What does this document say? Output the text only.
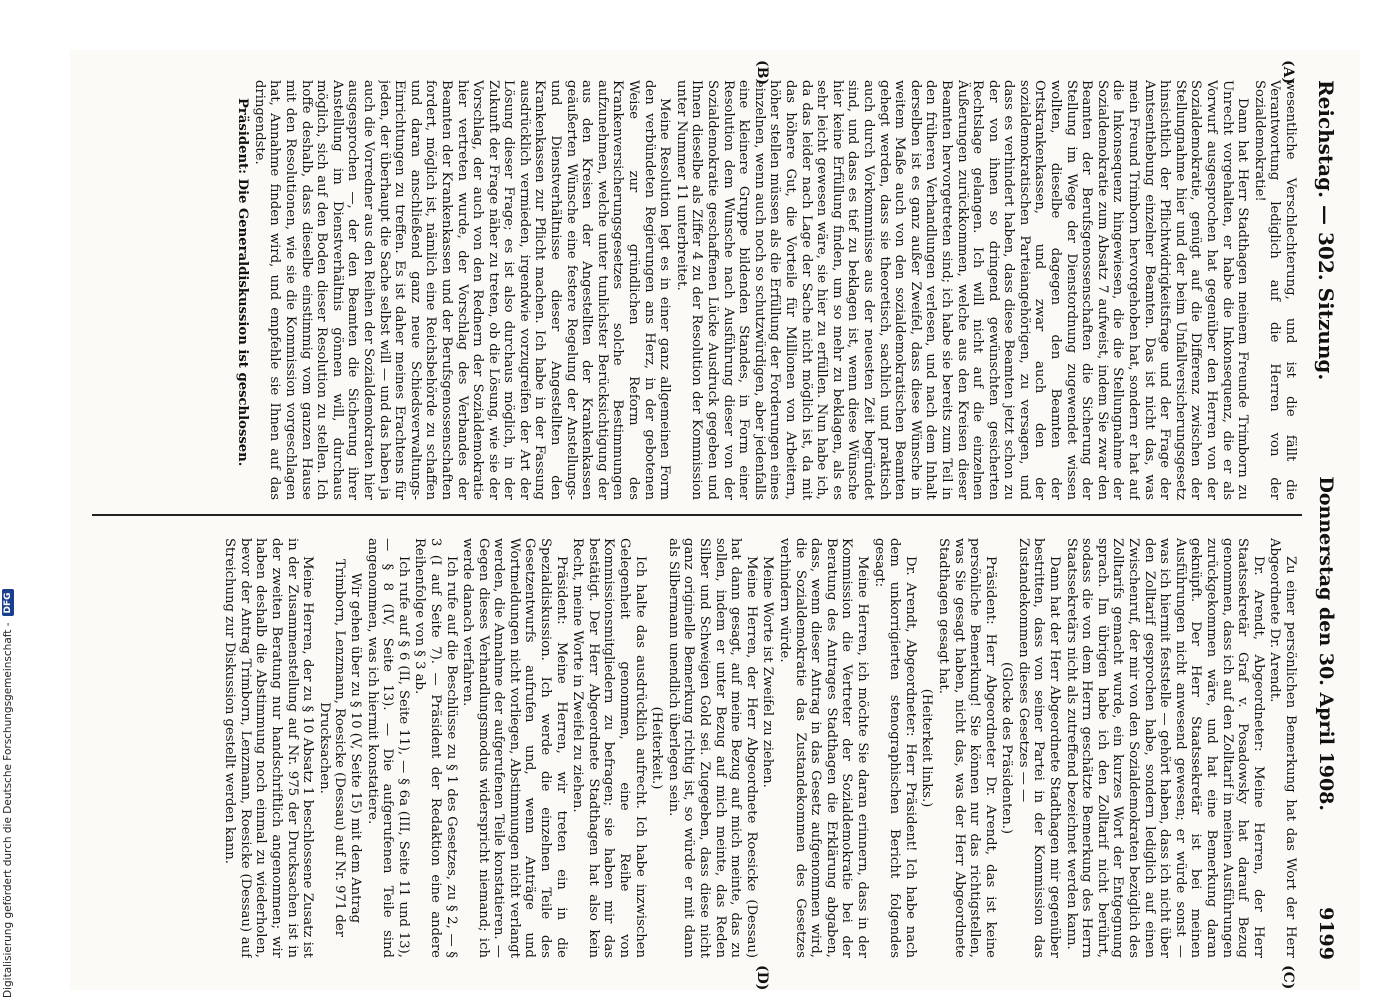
Reichstag. — 302. Sitzung.
Donnerstag den 30. April 1908.
9199
(A)
(B)
(C)
(D)

wesentliche Verschlechterung, und ist die fällt die Verantwortung lediglich auf die Herren von der Sozialdemokratie!

Dann hat Herr Stadthagen meinem Freunde Trimborn zu Unrecht vorgehalten, er habe die Inkonsequenz, die er als Vorwurf ausgesprochen hat gegenüber den Herren von der Sozialdemokratie, genügt auf die Differenz zwischen der Stellungnahme hier und der beim Unfallversicherungsgesetz hinsichtlich der Pflichtwidrigkeitsfrage und der Frage der Amtsenthebung einzelner Beamten. Das ist nicht das, was mein Freund Trimborn hervorgehoben hat, sondern er hat auf die Inkonsequenz hingewiesen, die die Stellungnahme der Sozialdemokratie zum Absatz 7 aufweist, indem Sie zwar den Beamten der Berufsgenossenschaften die Sicherung der Stellung im Wege der Dienstordnung zugewendet wissen wollten, dieselbe dagegen den Beamten der Ortskrankenkassen, und zwar auch den der sozialdemokratischen Parteiangehörigen, zu versagen, und dass es verhindert haben, dass diese Beamten jetzt schon zu der von ihnen so dringend gewünschten gesicherten Rechtslage gelangen. Ich will nicht auf die einzelnen Äußerungen zurückkommen, welche aus den Kreisen dieser Beamten hervorgetreten sind; ich habe sie bereits zum Teil in den früheren Verhandlungen verlesen, und nach dem Inhalt derselben ist es ganz außer Zweifel, dass diese Wünsche in weitem Maße auch von den sozialdemokratischen Beamten gehegt werden, dass sie theoretisch, sachlich und praktisch auch durch Vorkommnisse aus der neuesten Zeit begründet sind, und dass es tief zu beklagen ist, wenn diese Wünsche hier keine Erfüllung finden, um so mehr zu beklagen, als es sehr leicht gewesen wäre, sie hier zu erfüllen. Nun habe ich, da das leider nach Lage der Sache nicht möglich ist, da mit das höhere Gut, die Vorteile für Millionen von Arbeitern, höher stellen müssen als die Erfüllung der Forderungen eines einzelnen, wenn auch noch so schutzwürdigen, aber jedenfalls eine kleinere Gruppe bildenden Standes, in Form einer Resolution dem Wunsche nach Ausführung dieser von der Sozialdemokratie geschaffenen Lücke Ausdruck gegeben und Ihnen dieselbe als Ziffer 4 zu der Resolution der Kommission unter Nummer 11 unterbreitet.

Meine Resolution legt es in einer ganz allgemeinen Form den verbündeten Regierungen ans Herz, in der gebotenen Weise zur gründlichen Reform des Krankenversicherungsgesetzes solche Bestimmungen aufzunehmen, welche unter tunlichster Berücksichtigung der aus den Kreisen der Angestellten der Krankenkassen geäußerten Wünsche eine festere Regelung der Anstellungs- und Dienstverhältnisse dieser Angestellten den Krankenkassen zur Pflicht machen. Ich habe in der Fassung ausdrücklich vermieden, irgendwie vorzugreifen der Art der Lösung dieser Frage; es ist also durchaus möglich, in der Zukunft der Frage näher zu treten, ob die Lösung, wie sie der Vorschlag, der auch von den Rednern der Sozialdemokratie hier vertreten wurde, der Vorschlag des Verbandes der Beamten der Krankenkassen und der Berufsgenossenschaften fordert, möglich ist, nämlich eine Reichsbehörde zu schaffen und daran anschließend ganz neue Schiedsverwaltungs-Einrichtungen zu treffen. Es ist daher meines Erachtens für jeden, der überhaupt die Sache selbst will — und das haben ja auch die Vorredner aus den Reihen der Sozialdemokraten hier ausgesprochen —, der den Beamten die Sicherung ihrer Anstellung im Dienstverhältnis gönnen will, durchaus möglich, sich auf den Boden dieser Resolution zu stellen. Ich hoffe deshalb, dass dieselbe einstimmig vom ganzen Hause mit den Resolutionen, wie sie die Kommission vorgeschlagen hat, Annahme finden wird, und empfehle sie Ihnen auf das dringendste.

Präsident: Die Generaldiskussion ist geschlossen.

Zu einer persönlichen Bemerkung hat das Wort der Herr Abgeordnete Dr. Arendt.

Dr. Arendt, Abgeordneter: Meine Herren, der Herr Staatssekretär Graf v. Posadowsky hat darauf Bezug genommen, dass ich auf den Zolltarif in meinen Ausführungen zurückgekommen wäre, und hat eine Bemerkung daran geknüpft. Der Herr Staatssekretär ist bei meinen Ausführungen nicht anwesend gewesen; er würde sonst — was ich hiermit feststelle — gehört haben, dass ich nicht über den Zolltarif gesprochen habe, sondern lediglich auf einen Zwischenruf, der mir von den Sozialdemokraten bezüglich des Zolltarifs gemacht wurde, ein kurzes Wort der Entgegnung sprach. Im übrigen habe ich den Zolltarif nicht berührt, sodass die von dem Herrn geschätzte Bemerkung des Herrn Staatssekretärs nicht als zutreffend bezeichnet werden kann.

Dann hat der Herr Abgeordnete Stadthagen mir gegenüber bestritten, dass von seiner Partei in der Kommission das Zustandekommen dieses Gesetzes — —

(Glocke des Präsidenten.)

Präsident: Herr Abgeordneter Dr. Arendt, das ist keine persönliche Bemerkung! Sie können nur das richtigstellen, was Sie gesagt haben, nicht das, was der Herr Abgeordnete Stadthagen gesagt hat.

(Heiterkeit links.)

Dr. Arendt, Abgeordneter: Herr Präsident! Ich habe nach dem unkorrigierten stenographischen Bericht folgendes gesagt:

Meine Herren, ich möchte Sie daran erinnern, dass in der Kommission die Vertreter der Sozialdemokratie bei der Beratung des Antrages Stadthagen die Erklärung abgaben, dass, wenn dieser Antrag in das Gesetz aufgenommen wird, die Sozialdemokratie das Zustandekommen des Gesetzes verhindern würde.

Meine Worte ist Zweifel zu ziehen.

Meine Herren, der Herr Abgeordnete Roesicke (Dessau) hat dann gesagt, auf meine Bezug auf mich meinte, das zu sollen, indem er unter Bezug auf mich meinte, das Reden Silber und Schweigen Gold sei. Zugegeben, dass diese nicht ganz originelle Bemerkung richtig ist, so würde er mit dann als Silbermann unendlich überlegen sein.

(Heiterkeit.)

Ich halte das ausdrücklich aufrecht. Ich habe inzwischen Gelegenheit genommen, eine Reihe von Kommissionsmitgliedern zu befragen; sie haben mir das bestätigt. Der Herr Abgeordnete Stadthagen hat also kein Recht, meine Worte in Zweifel zu ziehen.

Präsident: Meine Herren, wir treten ein in die Spezialdiskussion. Ich werde die einzelnen Teile des Gesetzentwurfs aufrufen und, wenn Anträge und Wortmeldungen nicht vorliegen, Abstimmungen nicht verlangt werden, die Annahme der aufgerufenen Teile konstatieren. — Gegen dieses Verhandlungsmodus widerspricht niemand; ich werde danach verfahren.

Ich rufe auf die Beschlüsse zu § 1 des Gesetzes, zu § 2, — § 3 (I auf Seite 7). — Präsident der Redaktion eine andere Reihenfolge von § 3 ab.

Ich rufe auf § 6 (II, Seite 11), — § 6a (III, Seite 11 und 13), — § 8 (IV, Seite 13). — Die aufgerufenen Teile sind angenommen, was ich hiermit konstatiere.

Wir gehen über zu § 10 (V, Seite 15) mit dem Antrag Trimborn, Lenzmann, Roesicke (Dessau) auf Nr. 971 der Drucksachen.

Meine Herren, der zu § 10 Absatz 1 beschlossene Zusatz ist in der Zusammenstellung auf Nr. 975 der Drucksachen ist in der zweiten Beratung nur handschriftlich angenommen; wir haben deshalb die Abstimmung noch einmal zu wiederholen, bevor der Antrag Trimborn, Lenzmann, Roesicke (Dessau) auf Streichung zur Diskussion gestellt werden kann.

Digitalisierung gefördert durch die Deutsche Forschungsgemeinschaft -
DFG
